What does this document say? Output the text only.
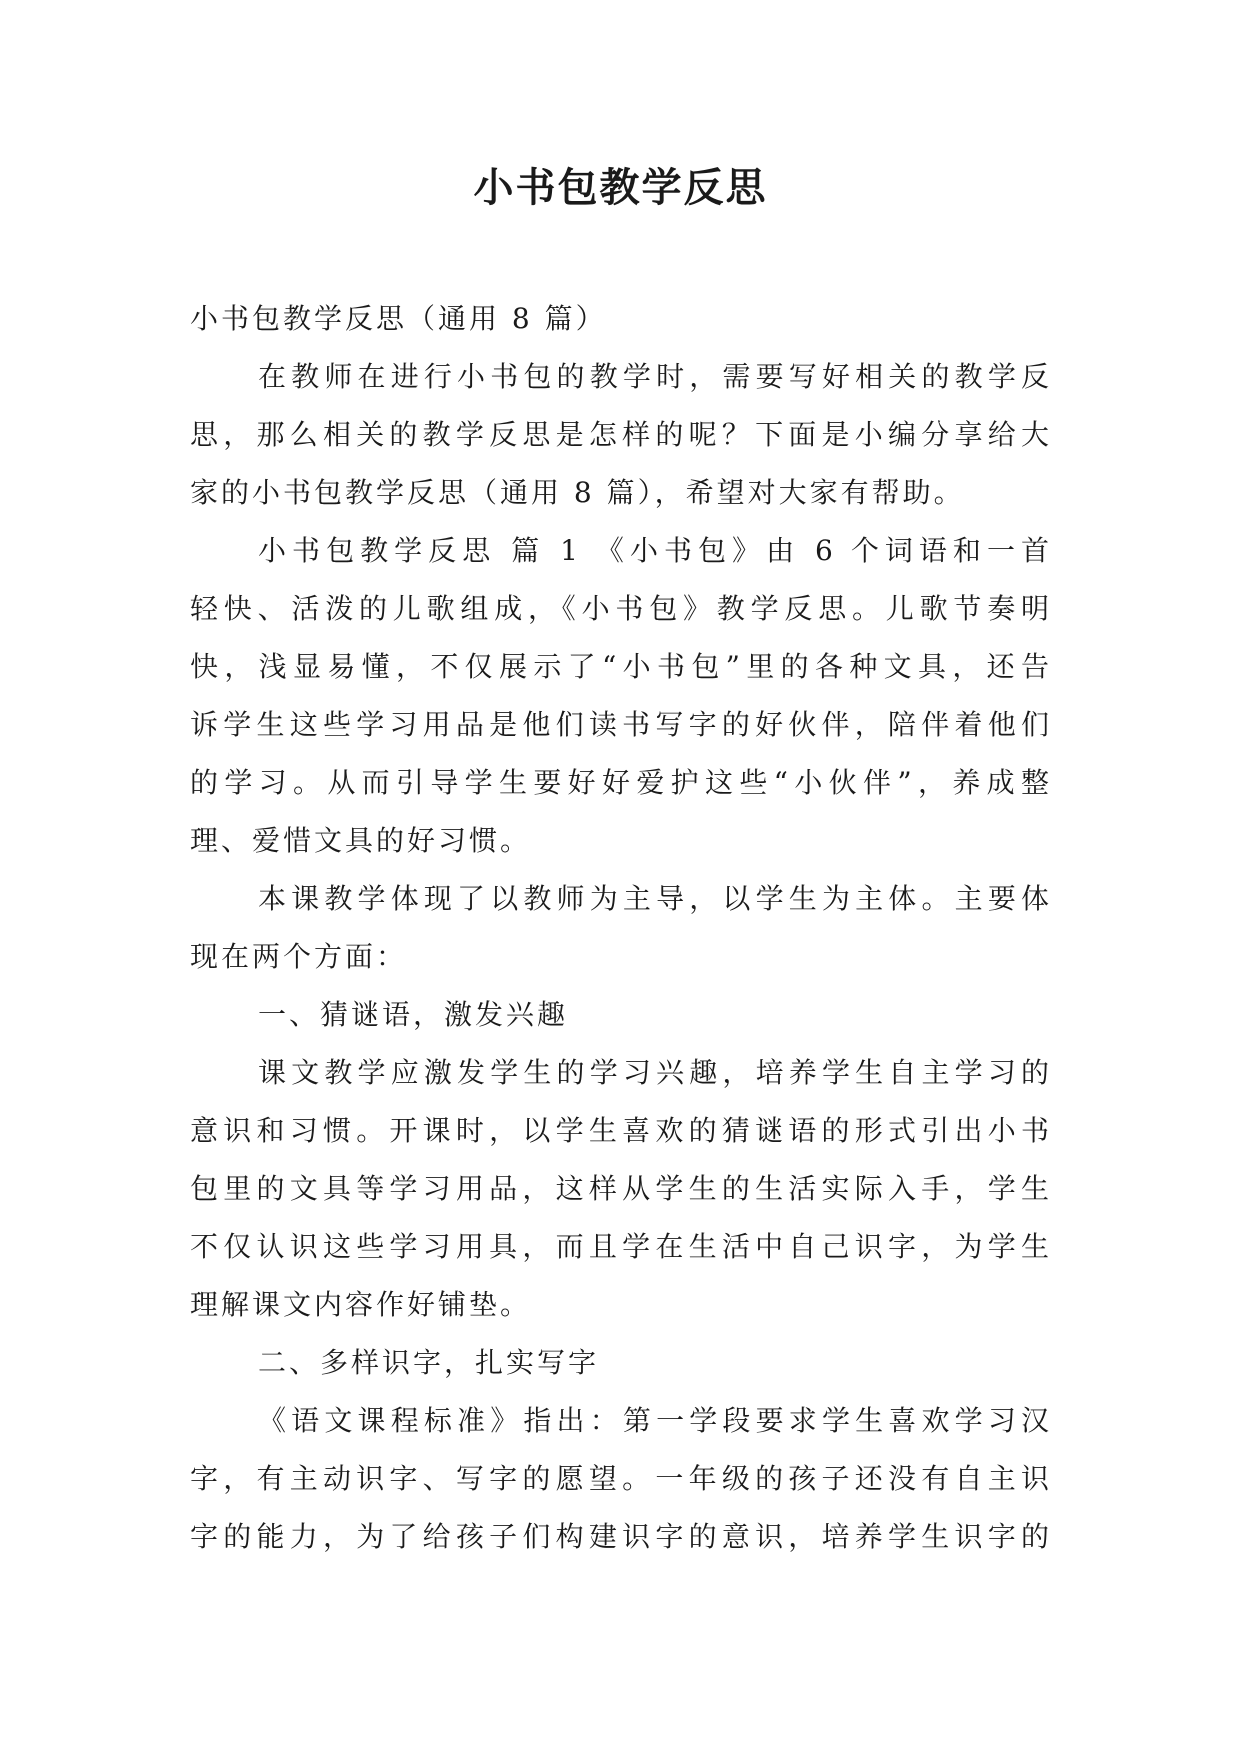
小书包教学反思
小书包教学反思（通用 8 篇）
在教师在进行小书包的教学时，需要写好相关的教学反
思，那么相关的教学反思是怎样的呢？下面是小编分享给大
家的小书包教学反思（通用 8 篇），希望对大家有帮助。
小书包教学反思 篇 1 《小书包》由 6 个词语和一首
轻快、活泼的儿歌组成，《小书包》教学反思。儿歌节奏明
快，浅显易懂，不仅展示了“小书包”里的各种文具，还告
诉学生这些学习用品是他们读书写字的好伙伴，陪伴着他们
的学习。从而引导学生要好好爱护这些“小伙伴”，养成整
理、爱惜文具的好习惯。
本课教学体现了以教师为主导，以学生为主体。主要体
现在两个方面：
一、猜谜语，激发兴趣
课文教学应激发学生的学习兴趣，培养学生自主学习的
意识和习惯。开课时，以学生喜欢的猜谜语的形式引出小书
包里的文具等学习用品，这样从学生的生活实际入手，学生
不仅认识这些学习用具，而且学在生活中自己识字，为学生
理解课文内容作好铺垫。
二、多样识字，扎实写字
《语文课程标准》指出：第一学段要求学生喜欢学习汉
字，有主动识字、写字的愿望。一年级的孩子还没有自主识
字的能力，为了给孩子们构建识字的意识，培养学生识字的
